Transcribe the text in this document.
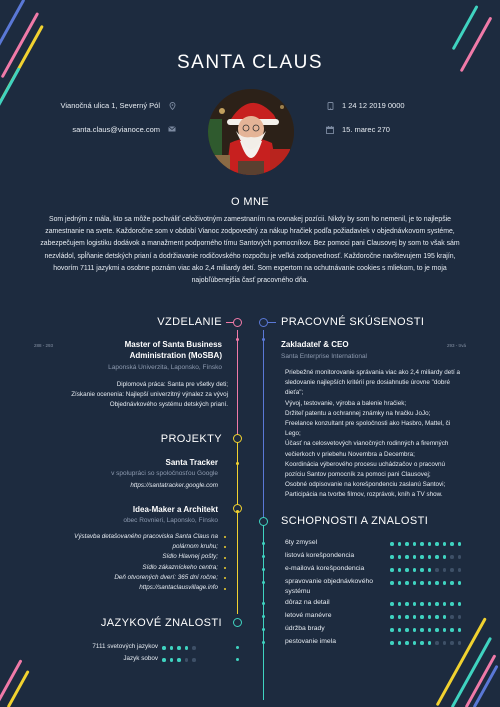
SANTA CLAUS
Vianočná ulica 1, Severný Pól
santa.claus@vianoce.com
1 24 12 2019 0000
15. marec 270
O MNE
Som jedným z mála, kto sa môže pochváliť celoživotným zamestnaním na rovnakej pozícii. Nikdy by som ho nemenil, je to najlepšie zamestnanie na svete. Každoročne som v období Vianoc zodpovedný za nákup hračiek podľa požiadaviek v objednávkovom systéme, zabezpečujem logistiku dodávok a manažment podporného tímu Santových pomocníkov. Bez pomoci pani Clausovej by som to však sám nezvládol, spĺňanie detských prianí a dodržiavanie rodičovského rozpočtu je veľká zodpovednosť. Každoročne navštevujem 195 krajín, hovorím 7111 jazykmi a osobne poznám viac ako 2,4 miliardy detí. Som expertom na ochutnávanie cookies s mliekom, to je moja najobľúbenejšia časť pracovného dňa.
VZDELANIE
288 - 293	Master of Santa Business
Administration (MoSBA)
Laponská Univerzita, Laponsko, Fínsko
Diplomová práca: Santa pre všetky deti;
Získanie ocenenia: Najlepší univerzitný výnalez za vývoj
Objednávkového systému detských prianí.
PRACOVNÉ SKÚSENOSTI
Zakladateľ & CEO	293 - trvá
Santa Enterprise International
Priebežné monitorovanie správania viac ako 2,4 miliardy detí a sledovanie najlepších kritérií pre dosiahnutie úrovne "dobré dieťa";
Vývoj, testovanie, výroba a balenie hračiek;
Držiteľ patentu a ochrannej známky na hračku JoJo;
Freelance konzultant pre spoločnosti ako Hasbro, Mattel, či Lego;
Účasť na celosvetových vianočných rodinných a firemných večierkoch v priebehu Novembra a Decembra;
Koordinácia výberového procesu uchádzačov o pracovnú pozíciu Santov pomocník za pomoci pani Clausovej;
Osobné odpisovanie na korešpondenciu zaslanú Santovi;
Participácia na tvorbe filmov, rozprávok, kníh a TV show.
PROJEKTY
Santa Tracker
v spolupráci so spoločnosťou Google
https://santatracker.google.com
Idea-Maker a Architekt
obec Rovnieri, Laponsko, Fínsko
Výstavba detašovaného pracoviska Santa Claus na
polárnom kruhu;
Sídlo Hlavnej pošty;
Sídlo zákazníckeho centra;
Deň otvorených dverí: 365 dní ročne;
https://santaclausvillage.info
SCHOPNOSTI A ZNALOSTI
6ty zmysel
listová korešpondencia
e-mailová korešpondencia
spravovanie objednávkového
systému
dôraz na detail
letové manévre
údržba brady
pestovanie imela
JAZYKOVÉ ZNALOSTI
7111 svetových jazykov
Jazyk sobov
